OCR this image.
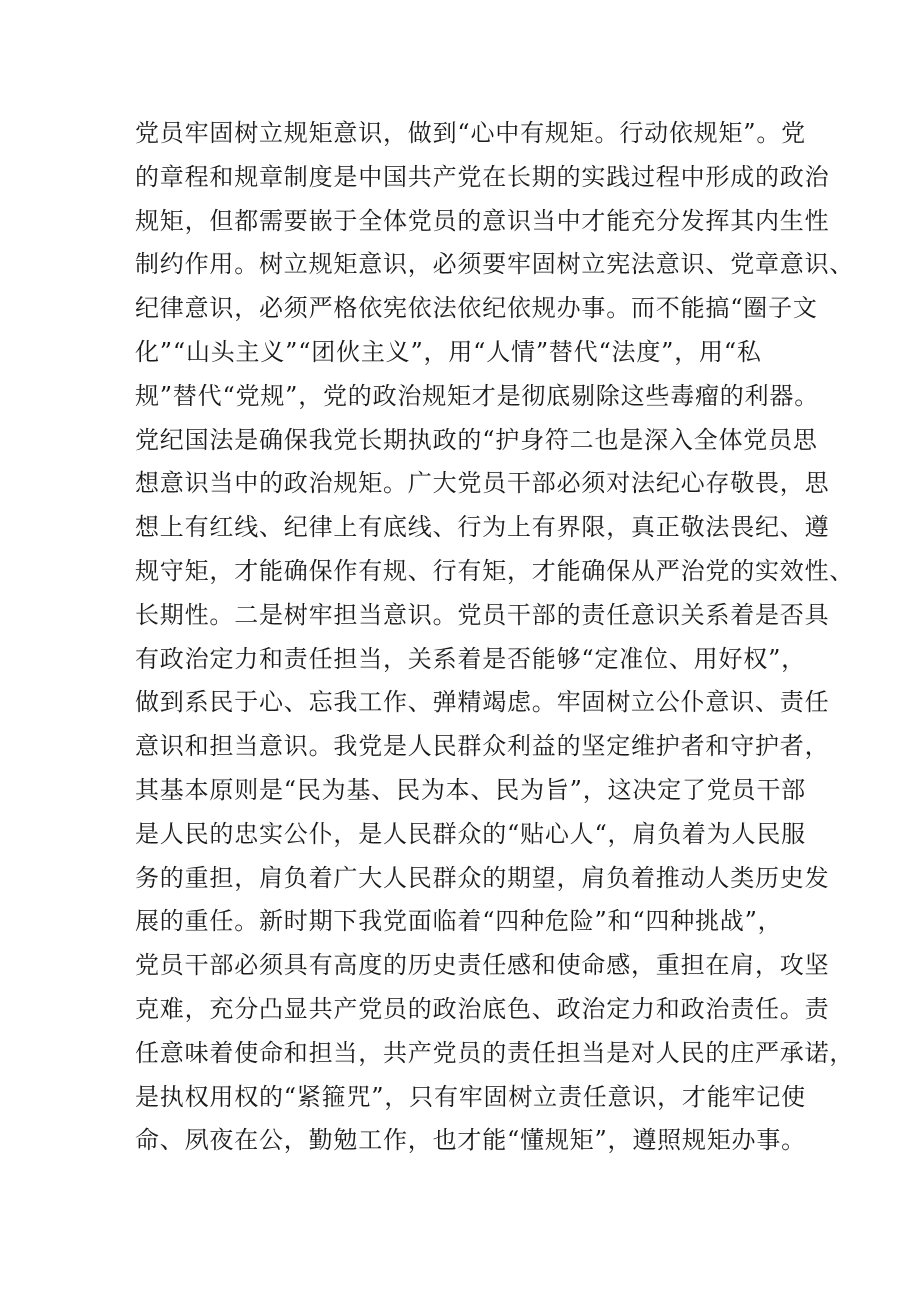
党员牢固树立规矩意识，做到“心中有规矩。行动依规矩”。党
的章程和规章制度是中国共产党在长期的实践过程中形成的政治
规矩，但都需要嵌于全体党员的意识当中才能充分发挥其内生性
制约作用。树立规矩意识，必须要牢固树立宪法意识、党章意识、
纪律意识，必须严格依宪依法依纪依规办事。而不能搞“圈子文
化”“山头主义”“团伙主义”，用“人情”替代“法度”，用“私
规”替代“党规”，党的政治规矩才是彻底剔除这些毒瘤的利器。
党纪国法是确保我党长期执政的“护身符二也是深入全体党员思
想意识当中的政治规矩。广大党员干部必须对法纪心存敬畏，思
想上有红线、纪律上有底线、行为上有界限，真正敬法畏纪、遵
规守矩，才能确保作有规、行有矩，才能确保从严治党的实效性、
长期性。二是树牢担当意识。党员干部的责任意识关系着是否具
有政治定力和责任担当，关系着是否能够“定准位、用好权”，
做到系民于心、忘我工作、弹精竭虑。牢固树立公仆意识、责任
意识和担当意识。我党是人民群众利益的坚定维护者和守护者，
其基本原则是“民为基、民为本、民为旨”，这决定了党员干部
是人民的忠实公仆，是人民群众的“贴心人“，肩负着为人民服
务的重担，肩负着广大人民群众的期望，肩负着推动人类历史发
展的重任。新时期下我党面临着“四种危险”和“四种挑战”，
党员干部必须具有高度的历史责任感和使命感，重担在肩，攻坚
克难，充分凸显共产党员的政治底色、政治定力和政治责任。责
任意味着使命和担当，共产党员的责任担当是对人民的庄严承诺，
是执权用权的“紧箍咒”，只有牢固树立责任意识，才能牢记使
命、夙夜在公，勤勉工作，也才能“懂规矩”，遵照规矩办事。
